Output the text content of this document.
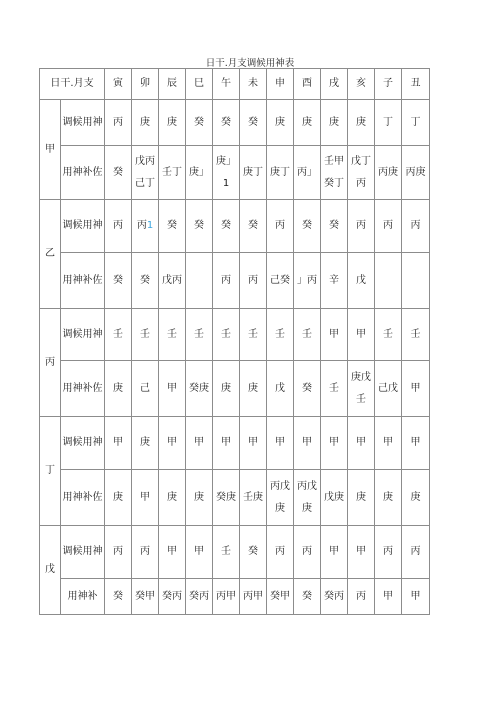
日干.月支调候用神表
日干.月支		寅	卯	辰	巳	午	未	申	酉	戌	亥	子	丑
甲	调候用神	丙	庚	庚	癸	癸	癸	庚	庚	庚	庚	丁	丁
	用神补佐	癸	戊丙己丁	壬丁	庚」	庚」1	庚丁	庚丁	丙」	壬甲癸丁	戊丁丙	丙庚	丙庚
乙	调候用神	丙	丙1	癸	癸	癸	癸	丙	癸	癸	丙	丙	丙
	用神补佐	癸	癸	戊丙		丙	丙	己癸	」丙	辛	戊		
丙	调候用神	壬	壬	壬	壬	壬	壬	壬	壬	甲	甲	壬	壬
	用神补佐	庚	己	甲	癸庚	庚	庚	戊	癸	壬	庚戊壬	己戊	甲
丁	调候用神	甲	庚	甲	甲	甲	甲	甲	甲	甲	甲	甲	甲
	用神补佐	庚	甲	庚	庚	癸庚	壬庚	丙戊庚	丙戊庚	戊庚	庚	庚	庚
戊	调候用神	丙	丙	甲	甲	壬	癸	丙	丙	甲	甲	丙	丙
	用神补	癸	癸甲	癸丙	癸丙	丙甲	丙甲	癸甲	癸	癸丙	丙	甲	甲
